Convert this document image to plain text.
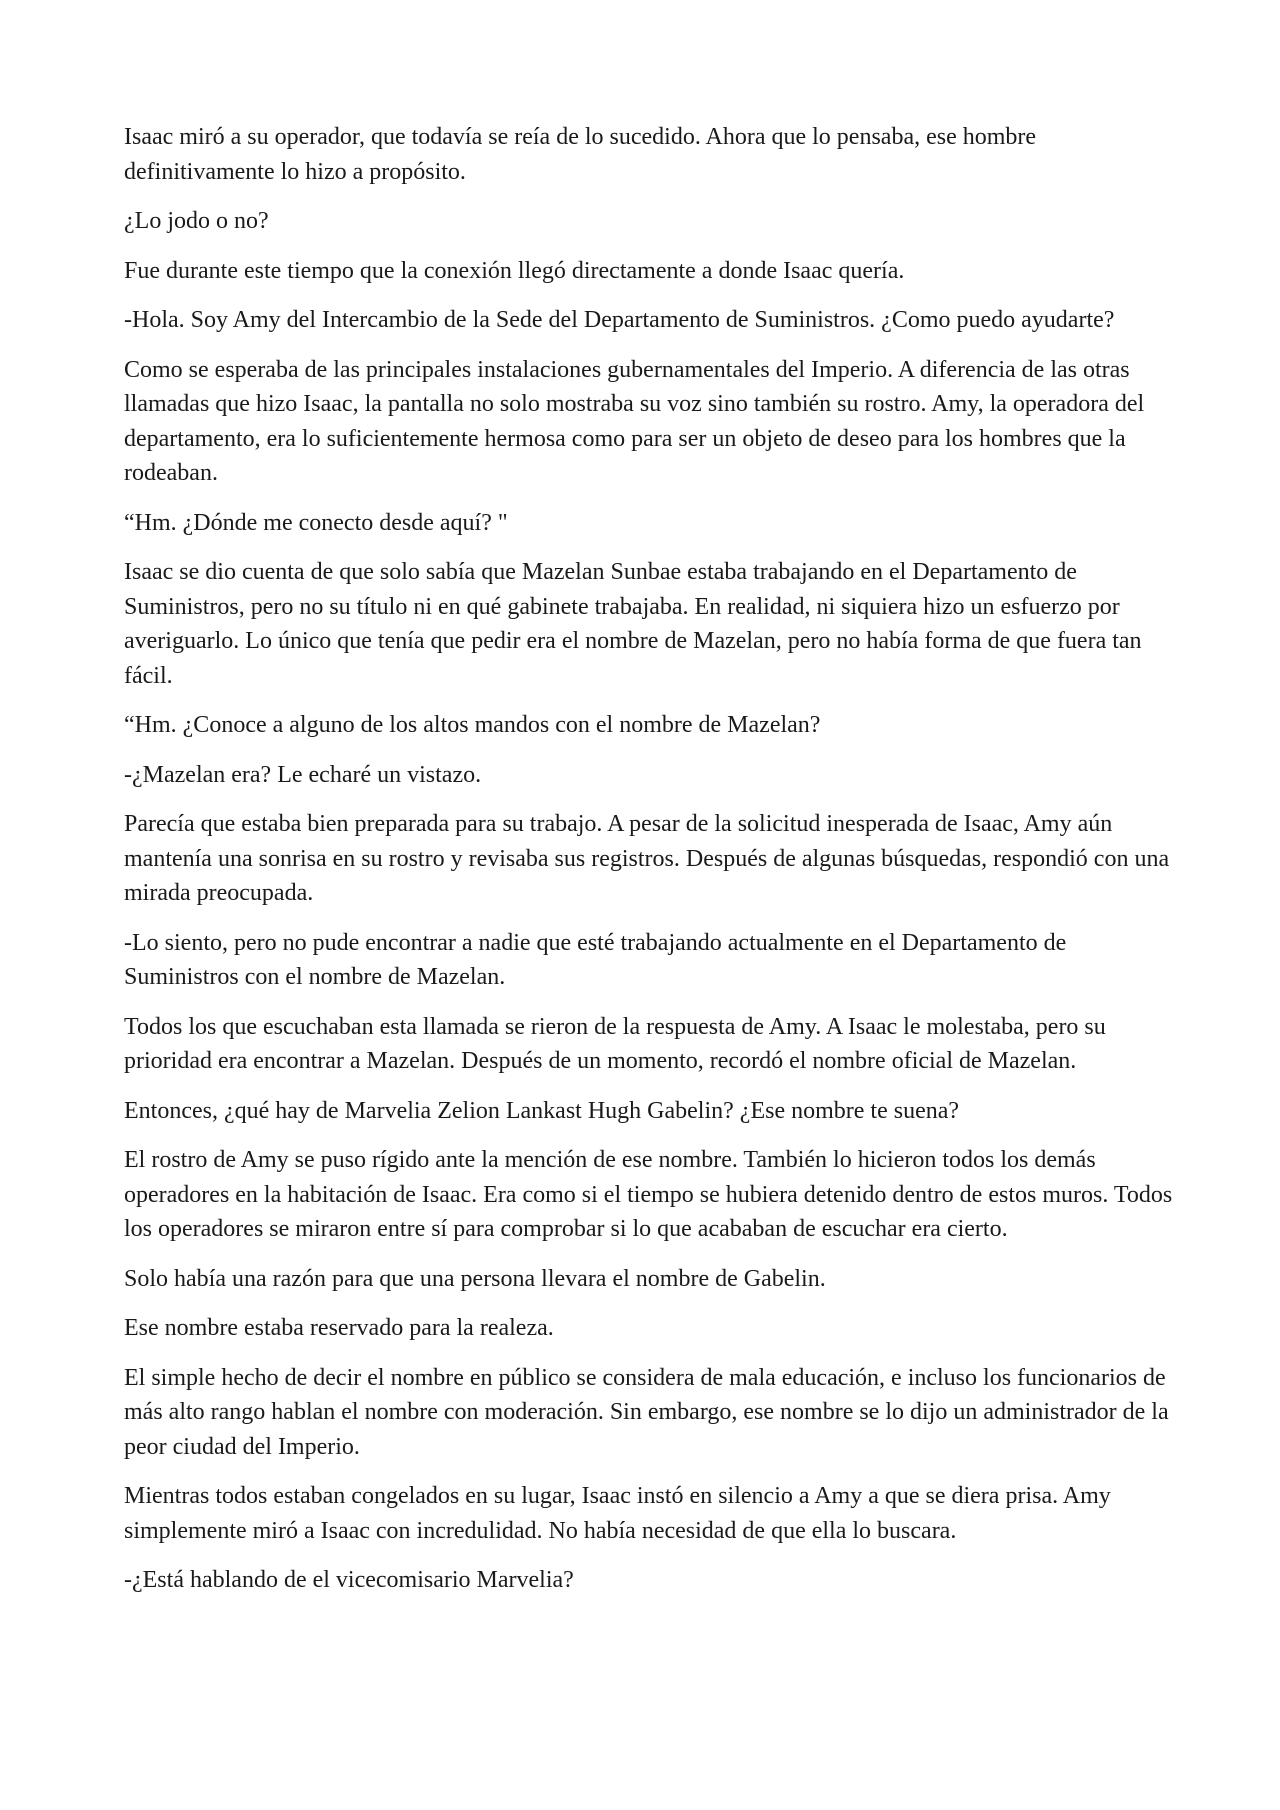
Isaac miró a su operador, que todavía se reía de lo sucedido. Ahora que lo pensaba, ese hombre definitivamente lo hizo a propósito.

¿Lo jodo o no?

Fue durante este tiempo que la conexión llegó directamente a donde Isaac quería.

-Hola. Soy Amy del Intercambio de la Sede del Departamento de Suministros. ¿Como puedo ayudarte?

Como se esperaba de las principales instalaciones gubernamentales del Imperio. A diferencia de las otras llamadas que hizo Isaac, la pantalla no solo mostraba su voz sino también su rostro. Amy, la operadora del departamento, era lo suficientemente hermosa como para ser un objeto de deseo para los hombres que la rodeaban.

“Hm. ¿Dónde me conecto desde aquí? "

Isaac se dio cuenta de que solo sabía que Mazelan Sunbae estaba trabajando en el Departamento de Suministros, pero no su título ni en qué gabinete trabajaba. En realidad, ni siquiera hizo un esfuerzo por averiguarlo. Lo único que tenía que pedir era el nombre de Mazelan, pero no había forma de que fuera tan fácil.

“Hm. ¿Conoce a alguno de los altos mandos con el nombre de Mazelan?

-¿Mazelan era? Le echaré un vistazo.

Parecía que estaba bien preparada para su trabajo. A pesar de la solicitud inesperada de Isaac, Amy aún mantenía una sonrisa en su rostro y revisaba sus registros. Después de algunas búsquedas, respondió con una mirada preocupada.

-Lo siento, pero no pude encontrar a nadie que esté trabajando actualmente en el Departamento de Suministros con el nombre de Mazelan.

Todos los que escuchaban esta llamada se rieron de la respuesta de Amy. A Isaac le molestaba, pero su prioridad era encontrar a Mazelan. Después de un momento, recordó el nombre oficial de Mazelan.

Entonces, ¿qué hay de Marvelia Zelion Lankast Hugh Gabelin? ¿Ese nombre te suena?

El rostro de Amy se puso rígido ante la mención de ese nombre. También lo hicieron todos los demás operadores en la habitación de Isaac. Era como si el tiempo se hubiera detenido dentro de estos muros. Todos los operadores se miraron entre sí para comprobar si lo que acababan de escuchar era cierto.

Solo había una razón para que una persona llevara el nombre de Gabelin.

Ese nombre estaba reservado para la realeza.

El simple hecho de decir el nombre en público se considera de mala educación, e incluso los funcionarios de más alto rango hablan el nombre con moderación. Sin embargo, ese nombre se lo dijo un administrador de la peor ciudad del Imperio.

Mientras todos estaban congelados en su lugar, Isaac instó en silencio a Amy a que se diera prisa. Amy simplemente miró a Isaac con incredulidad. No había necesidad de que ella lo buscara.

-¿Está hablando de el vicecomisario Marvelia?
